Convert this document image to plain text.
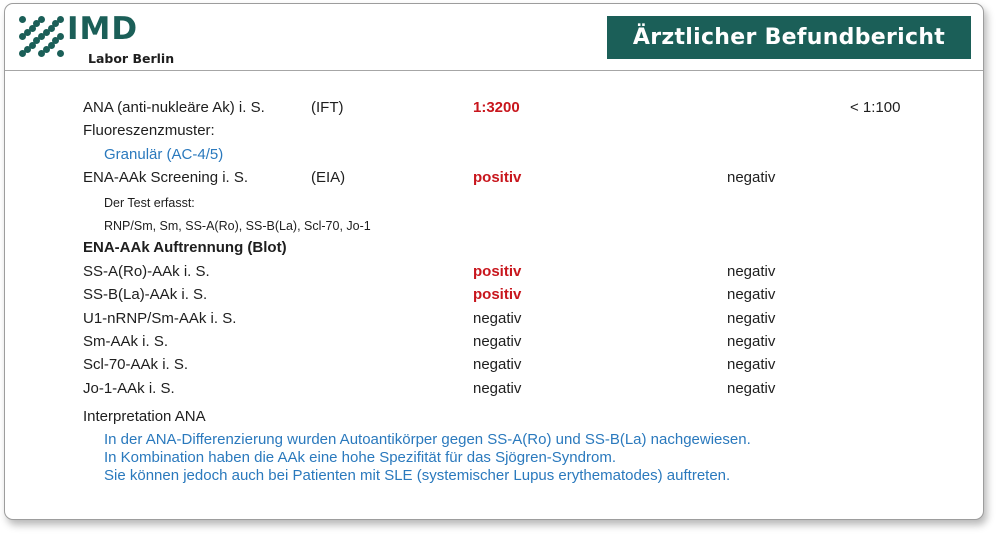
IMD
Labor Berlin
Ärztlicher Befundbericht
ANA (anti-nukleäre Ak) i. S.	(IFT)	1:3200	< 1:100
Fluoreszenzmuster:
Granulär (AC-4/5)
ENA-AAk Screening i. S.	(EIA)	positiv	negativ
Der Test erfasst:
RNP/Sm, Sm, SS-A(Ro), SS-B(La), Scl-70, Jo-1
ENA-AAk Auftrennung (Blot)
SS-A(Ro)-AAk i. S.	positiv	negativ
SS-B(La)-AAk i. S.	positiv	negativ
U1-nRNP/Sm-AAk i. S.	negativ	negativ
Sm-AAk i. S.	negativ	negativ
Scl-70-AAk i. S.	negativ	negativ
Jo-1-AAk i. S.	negativ	negativ
Interpretation ANA
In der ANA-Differenzierung wurden Autoantikörper gegen SS-A(Ro) und SS-B(La) nachgewiesen.
In Kombination haben die AAk eine hohe Spezifität für das Sjögren-Syndrom.
Sie können jedoch auch bei Patienten mit SLE (systemischer Lupus erythematodes) auftreten.
